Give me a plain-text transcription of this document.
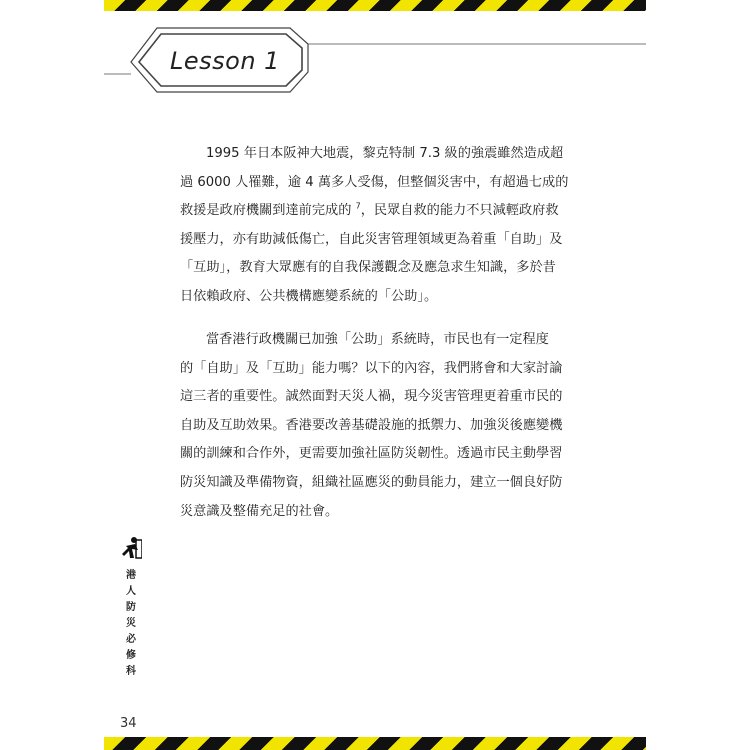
Lesson 1
1995 年日本阪神大地震，黎克特制 7.3 級的強震雖然造成超
過 6000 人罹難，逾 4 萬多人受傷，但整個災害中，有超過七成的
救援是政府機關到達前完成的 $^7$，民眾自救的能力不只減輕政府救
援壓力，亦有助減低傷亡，自此災害管理領域更為着重「自助」及
「互助」，教育大眾應有的自我保護觀念及應急求生知識，多於昔
日依賴政府、公共機構應變系統的「公助」。
當香港行政機關已加強「公助」系統時，市民也有一定程度
的「自助」及「互助」能力嗎？以下的內容，我們將會和大家討論
這三者的重要性。誠然面對天災人禍，現今災害管理更着重市民的
自助及互助效果。香港要改善基礎設施的抵禦力、加強災後應變機
關的訓練和合作外，更需要加強社區防災韌性。透過市民主動學習
防災知識及準備物資，組織社區應災的動員能力，建立一個良好防
災意識及整備充足的社會。
港
人
防
災
必
修
科
34
